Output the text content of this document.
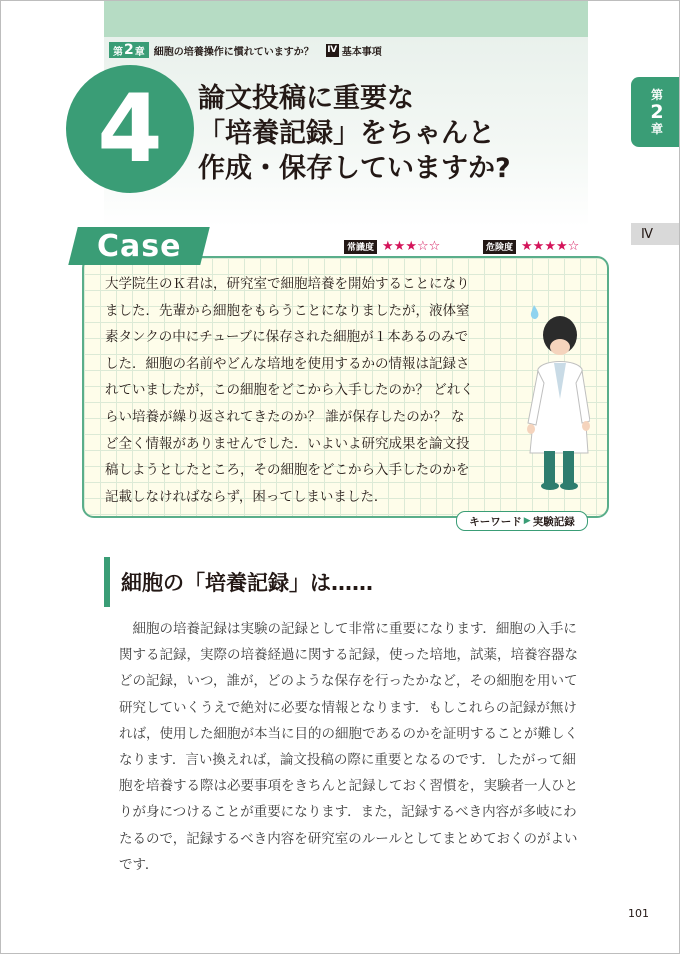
第 2 章 細胞の培養操作に慣れていますか？ Ⅳ 基本事項
4 論文投稿に重要な
「培養記録」をちゃんと
作成・保存していますか?
第
2
章
Ⅳ
Case	常識度 ★★★☆☆	危険度 ★★★★☆
大学院生のＫ君は，研究室で細胞培養を開始することになり
ました．先輩から細胞をもらうことになりましたが，液体窒
素タンクの中にチューブに保存された細胞が１本あるのみで
した．細胞の名前やどんな培地を使用するかの情報は記録さ
れていましたが，この細胞をどこから入手したのか？ どれく
らい培養が繰り返されてきたのか？ 誰が保存したのか？ な
ど全く情報がありませんでした．いよいよ研究成果を論文投
稿しようとしたところ，その細胞をどこから入手したのかを
記載しなければならず，困ってしまいました．
キーワード ▶ 実験記録
細胞の「培養記録」は……
　細胞の培養記録は実験の記録として非常に重要になります．細胞の入手に
関する記録，実際の培養経過に関する記録，使った培地，試薬，培養容器な
どの記録，いつ，誰が，どのような保存を行ったかなど，その細胞を用いて
研究していくうえで絶対に必要な情報となります．もしこれらの記録が無け
れば，使用した細胞が本当に目的の細胞であるのかを証明することが難しく
なります．言い換えれば，論文投稿の際に重要となるのです．したがって細
胞を培養する際は必要事項をきちんと記録しておく習慣を，実験者一人ひと
りが身につけることが重要になります．また，記録するべき内容が多岐にわ
たるので，記録するべき内容を研究室のルールとしてまとめておくのがよい
です．
101
